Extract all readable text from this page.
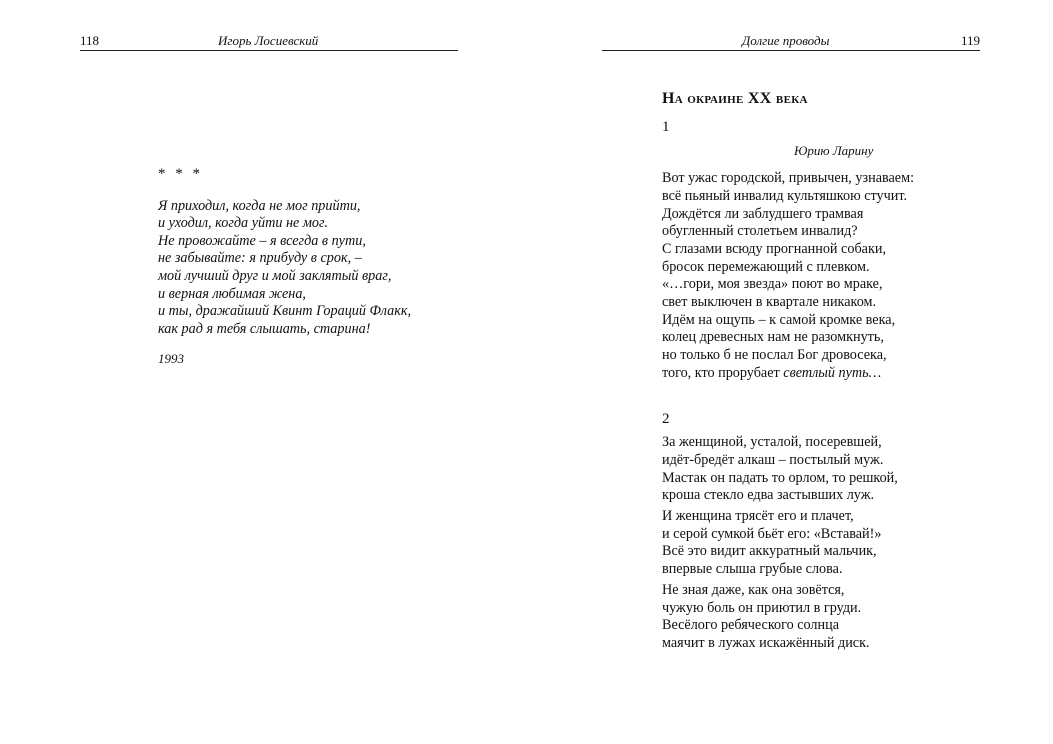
118	Игорь Лосиевский
* * *
Я приходил, когда не мог прийти,
и уходил, когда уйти не мог.
Не провожайте – я всегда в пути,
не забывайте: я прибуду в срок, –
мой лучший друг и мой заклятый враг,
и верная любимая жена,
и ты, дражайший Квинт Гораций Флакк,
как рад я тебя слышать, старина!
1993
Долгие проводы	119
На окраине XX века
1
Юрию Ларину
Вот ужас городской, привычен, узнаваем:
всё пьяный инвалид культяшкою стучит.
Дождётся ли заблудшего трамвая
обугленный столетьем инвалид?
С глазами всюду прогнанной собаки,
бросок перемежающий с плевком.
«…гори, моя звезда» поют во мраке,
свет выключен в квартале никаком.
Идём на ощупь – к самой кромке века,
колец древесных нам не разомкнуть,
но только б не послал Бог дровосека,
того, кто прорубает светлый путь…
2
За женщиной, усталой, посеревшей,
идёт-бредёт алкаш – постылый муж.
Мастак он падать то орлом, то решкой,
кроша стекло едва застывших луж.
И женщина трясёт его и плачет,
и серой сумкой бьёт его: «Вставай!»
Всё это видит аккуратный мальчик,
впервые слыша грубые слова.
Не зная даже, как она зовётся,
чужую боль он приютил в груди.
Весёлого ребяческого солнца
маячит в лужах искажённый диск.
